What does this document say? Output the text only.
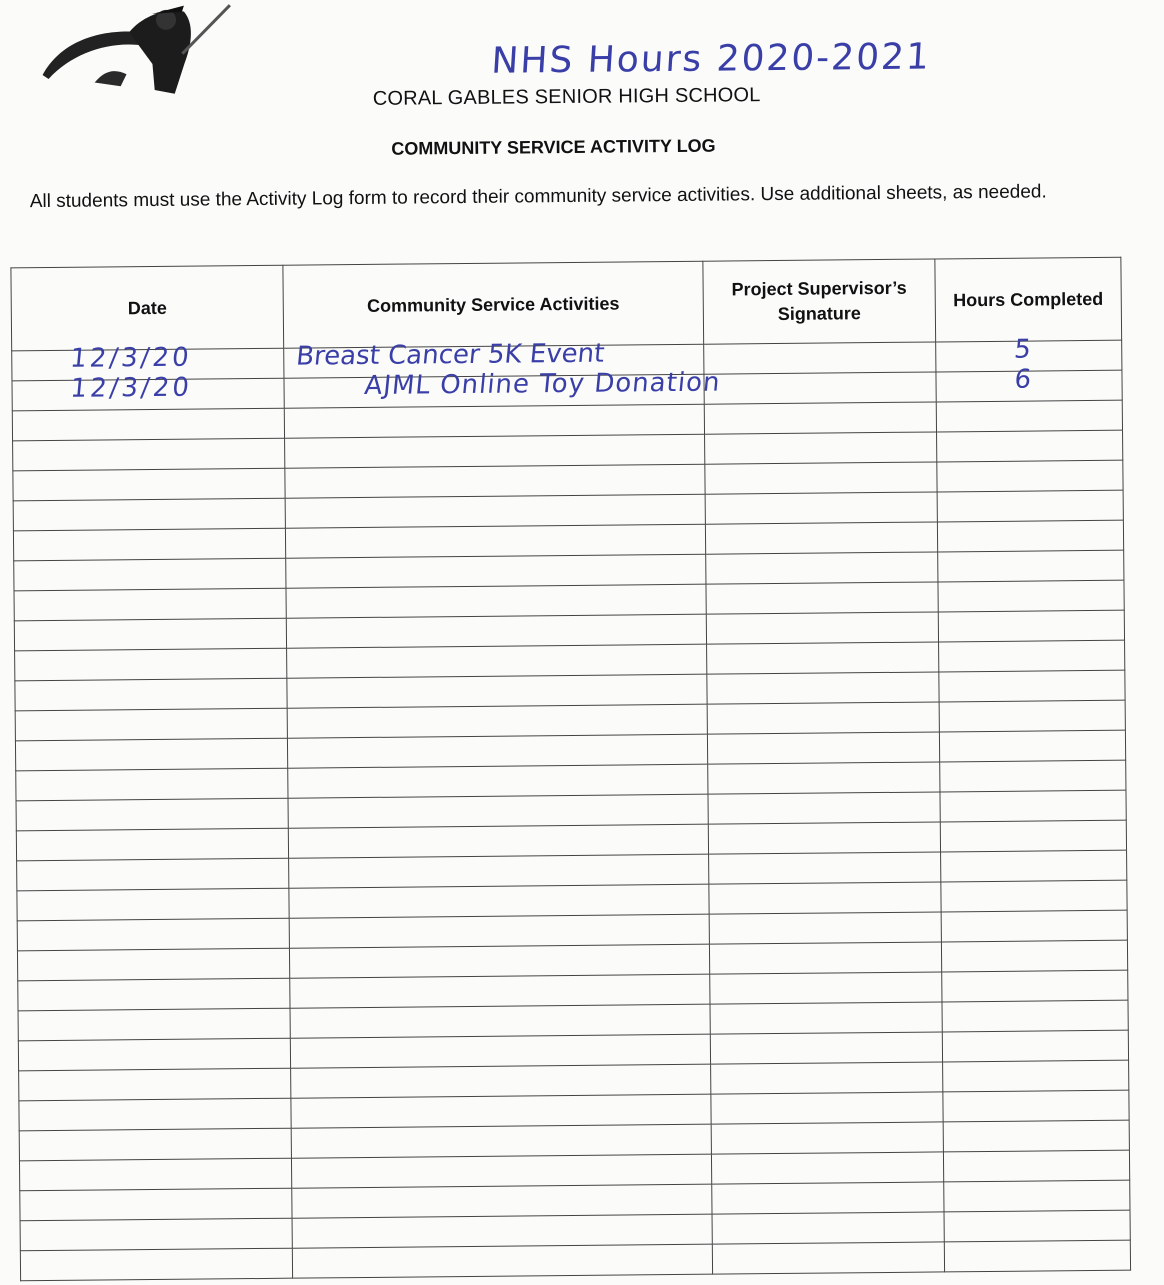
NHS Hours 2020-2021
CORAL GABLES SENIOR HIGH SCHOOL
COMMUNITY SERVICE ACTIVITY LOG
All students must use the Activity Log form to record their community service activities. Use additional sheets, as needed.
Date	Community Service Activities	Project Supervisor’s Signature	Hours Completed

12/3/20	Breast Cancer 5K Event		5

12/3/20	AJML Online Toy Donation		6
